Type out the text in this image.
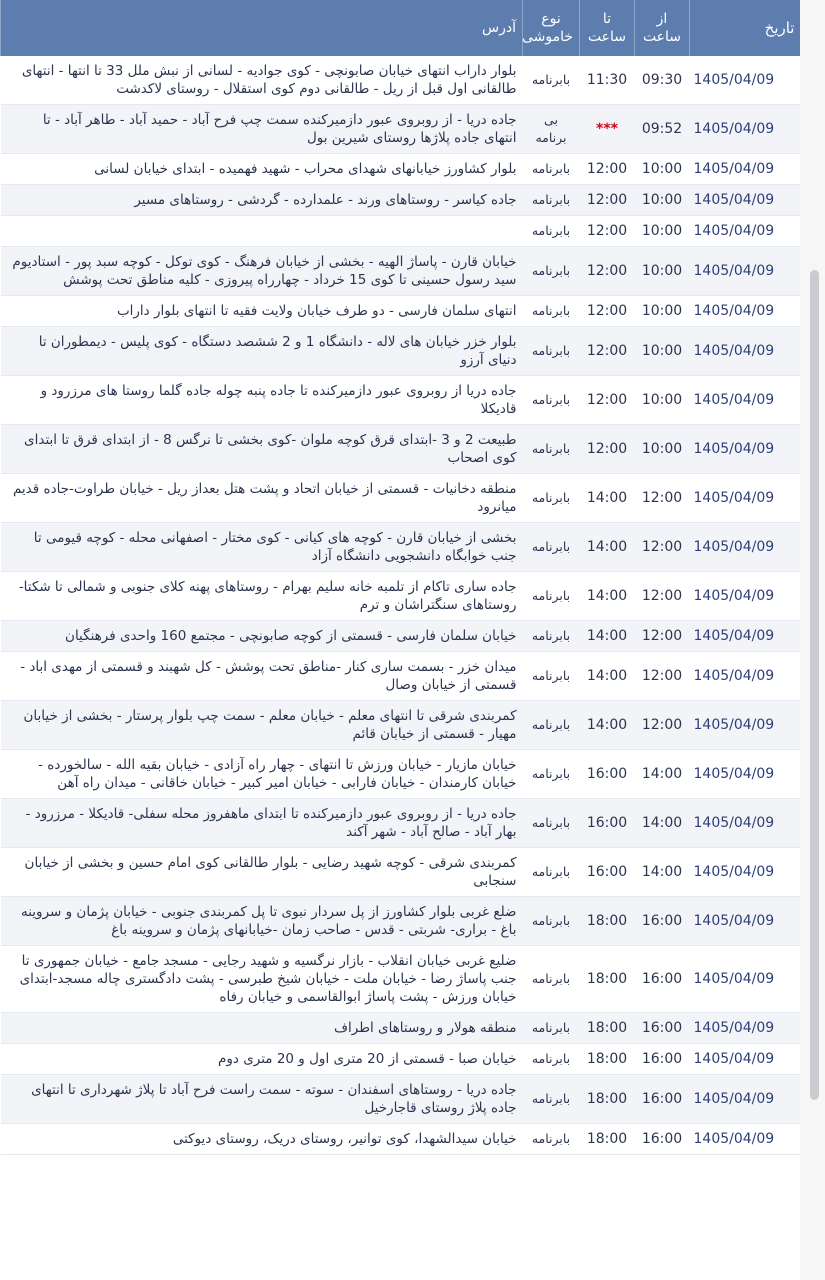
تاریخ	از ساعت	تا ساعت	نوع خاموشی	آدرس
1405/04/09	09:30	11:30	بابرنامه	بلوار داراب انتهای خیابان صابونچی - کوی جوادیه - لسانی از نبش ملل 33 تا انتها - انتهای طالقانی اول قبل از ریل - طالقانی دوم کوی استقلال - روستای لاکدشت
1405/04/09	09:52	***	بی برنامه	جاده دریا - از روبروی عبور دازمیرکنده سمت چپ فرح آباد - حمید آباد - طاهر آباد - تا انتهای جاده پلاژها روستای شیرین بول
1405/04/09	10:00	12:00	بابرنامه	بلوار کشاورز خیابانهای شهدای محراب - شهید فهمیده - ابتدای خیابان لسانی
1405/04/09	10:00	12:00	بابرنامه	جاده کیاسر - روستاهای ورند - علمدارده - گردشی - روستاهای مسیر
1405/04/09	10:00	12:00	بابرنامه	
1405/04/09	10:00	12:00	بابرنامه	خیابان قارن - پاساژ الهیه - بخشی از خیابان فرهنگ - کوی توکل - کوچه سبد پور - استادیوم سید رسول حسینی تا کوی 15 خرداد - چهارراه پیروزی - کلیه مناطق تحت پوشش
1405/04/09	10:00	12:00	بابرنامه	انتهای سلمان فارسی - دو طرف خیابان ولایت فقیه تا انتهای بلوار داراب
1405/04/09	10:00	12:00	بابرنامه	بلوار خزر خیابان های لاله - دانشگاه 1 و 2 ششصد دستگاه - کوی پلیس - دیمطوران تا دنیای آرزو
1405/04/09	10:00	12:00	بابرنامه	جاده دریا از روبروی عبور دازمیرکنده تا جاده پنبه چوله جاده گلما روستا های مرزرود و قادیکلا
1405/04/09	10:00	12:00	بابرنامه	طبیعت 2 و 3 -ابتدای قرق کوچه ملوان -کوی بخشی تا نرگس 8 - از ابتدای قرق تا ابتدای کوی اصحاب
1405/04/09	12:00	14:00	بابرنامه	منطقه دخانیات - قسمتی از خیابان اتحاد و پشت هتل بعداز ریل - خیابان طراوت-جاده قدیم میانرود
1405/04/09	12:00	14:00	بابرنامه	بخشی از خیابان قارن - کوچه های کیانی - کوی مختار - اصفهانی محله - کوچه قیومی تا جنب خوابگاه دانشجویی دانشگاه آزاد
1405/04/09	12:00	14:00	بابرنامه	جاده ساری تاکام از تلمبه خانه سلیم بهرام - روستاهای پهنه کلای جنوبی و شمالی تا شکتا- روستاهای سنگتراشان و ترم
1405/04/09	12:00	14:00	بابرنامه	خیابان سلمان فارسی - قسمتی از کوچه صابونچی - مجتمع 160 واحدی فرهنگیان
1405/04/09	12:00	14:00	بابرنامه	میدان خزر - بسمت ساری کنار -مناطق تحت پوشش - کل شهبند و قسمتی از مهدی اباد - قسمتی از خیابان وصال
1405/04/09	12:00	14:00	بابرنامه	کمربندی شرقی تا انتهای معلم - خیابان معلم - سمت چپ بلوار پرستار - بخشی از خیابان مهیار - قسمتی از خیابان قائم
1405/04/09	14:00	16:00	بابرنامه	خیابان مازیار - خیابان ورزش تا انتهای - چهار راه آزادی - خیابان بقیه الله - سالخورده - خیابان کارمندان - خیابان فارابی - خیابان امیر کبیر - خیابان خاقانی - میدان راه آهن
1405/04/09	14:00	16:00	بابرنامه	جاده دریا - از روبروی عبور دازمیرکنده تا ابتدای ماهفروز محله سفلی- قادیکلا - مرزرود - بهار آباد - صالح آباد - شهر آکند
1405/04/09	14:00	16:00	بابرنامه	کمربندی شرقی - کوچه شهید رضایی - بلوار طالقانی کوی امام حسین و بخشی از خیابان سنجابی
1405/04/09	16:00	18:00	بابرنامه	ضلع غربی بلوار کشاورز از پل سردار نبوی تا پل کمربندی جنوبی - خیابان پژمان و سروینه باغ - براری- شربتی - قدس - صاحب زمان -خیابانهای پژمان و سروینه باغ
1405/04/09	16:00	18:00	بابرنامه	ضلیع غربی خیابان انقلاب - بازار نرگسیه و شهید رجایی - مسجد جامع - خیابان جمهوری تا جنب پاساژ رضا - خیابان ملت - خیابان شیخ طبرسی - پشت دادگستری چاله مسجد-ابتدای خیابان ورزش - پشت پاساژ ابوالقاسمی و خیابان رفاه
1405/04/09	16:00	18:00	بابرنامه	منطقه هولار و روستاهای اطراف
1405/04/09	16:00	18:00	بابرنامه	خیابان صبا - قسمتی از 20 متری اول و 20 متری دوم
1405/04/09	16:00	18:00	بابرنامه	جاده دریا - روستاهای اسفندان - سوته - سمت راست فرح آباد تا پلاژ شهرداری تا انتهای جاده پلاژ روستای قاجارخیل
1405/04/09	16:00	18:00	بابرنامه	خیابان سیدالشهدا، کوی توانیر، روستای دریک، روستای دیوکتی
